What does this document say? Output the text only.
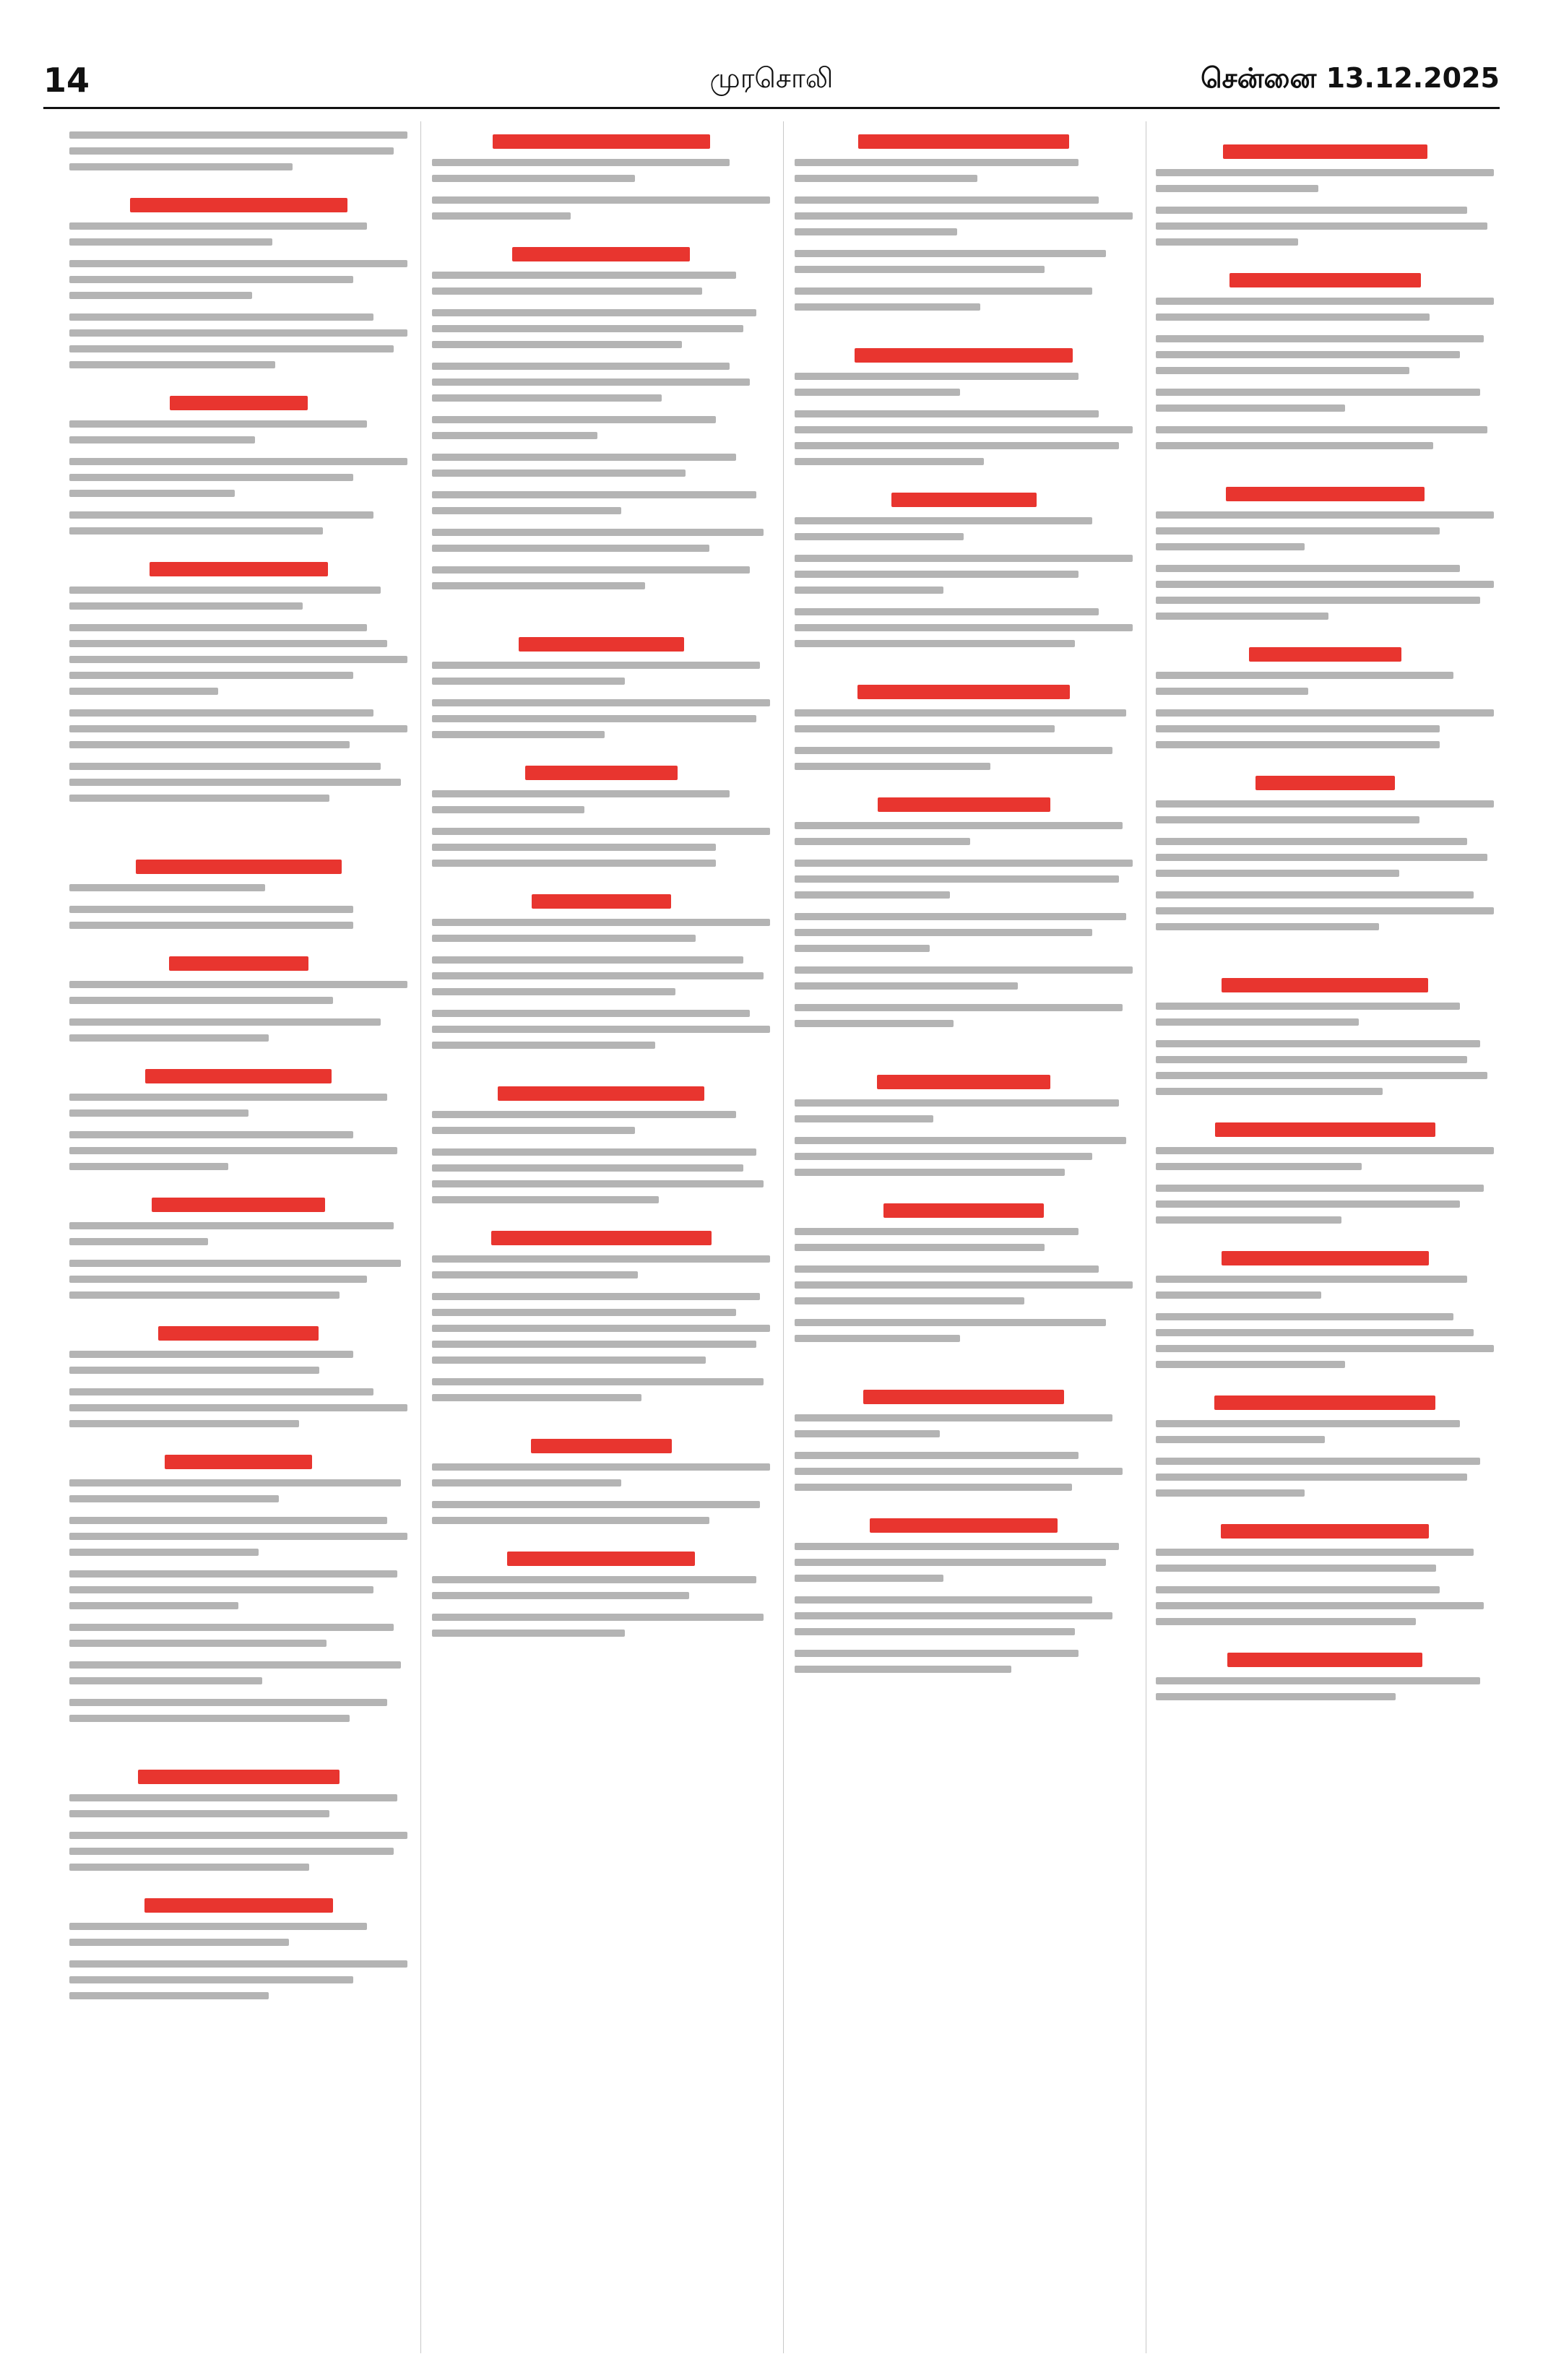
14	முரசொலி	சென்னை 13.12.2025
